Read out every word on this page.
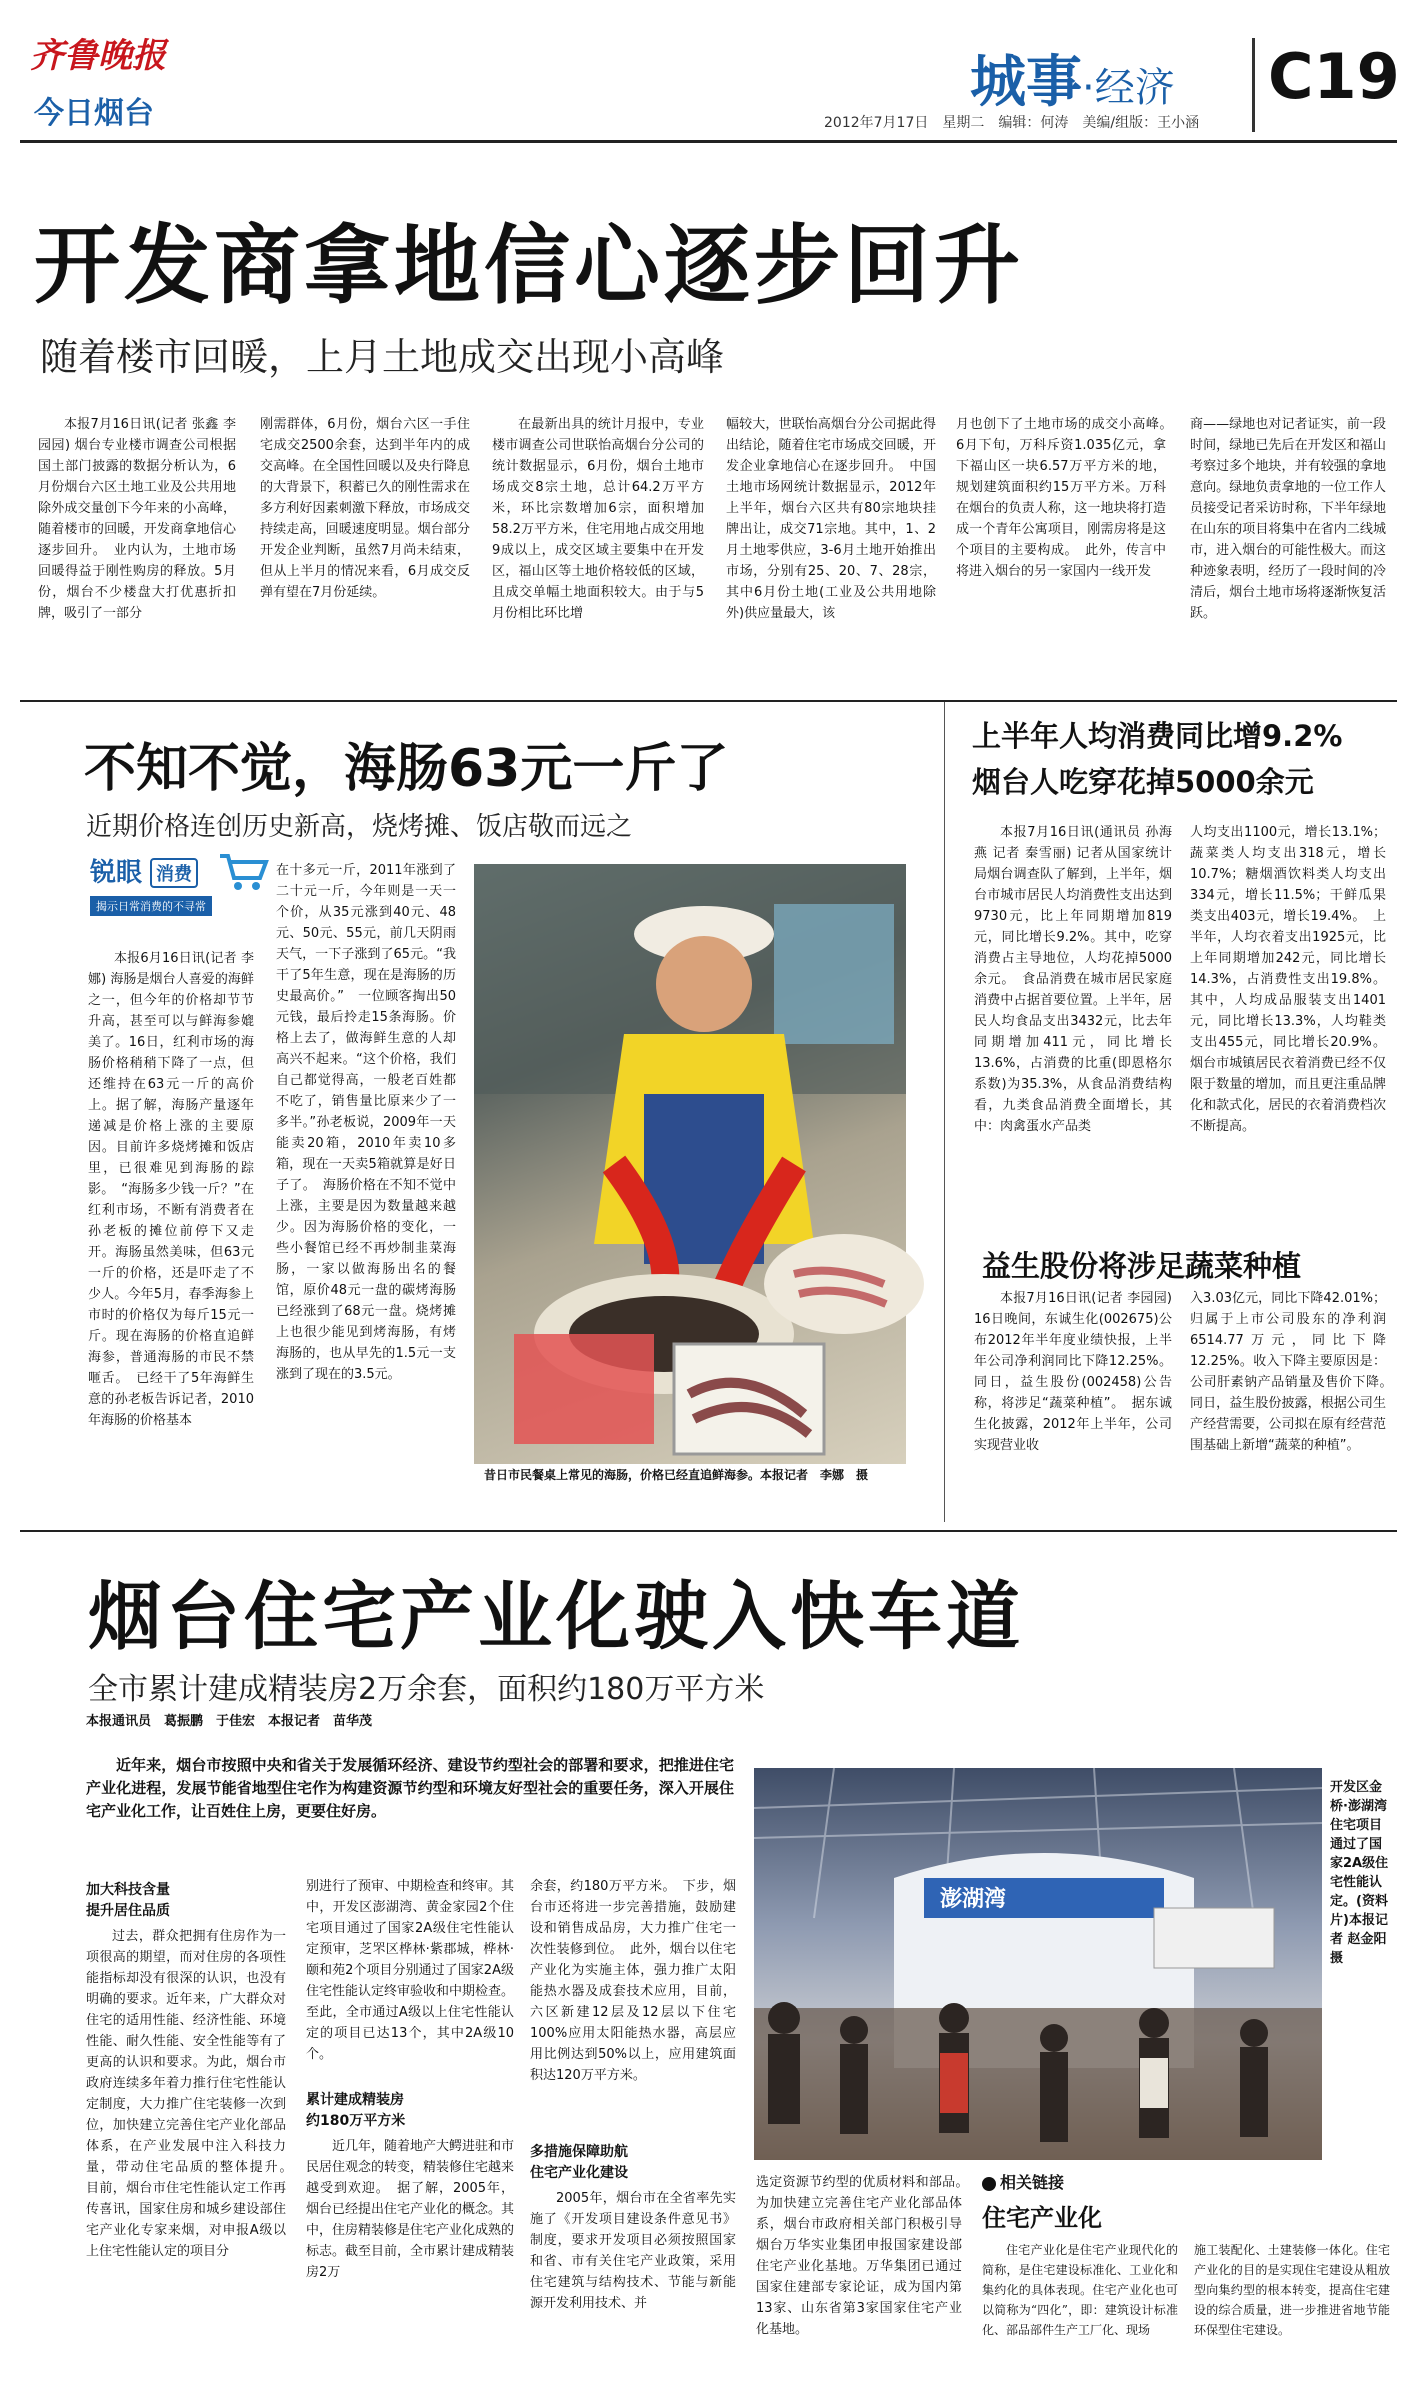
齐鲁晚报
今日烟台	城事·经济 C19
2012年7月17日　星期二　编辑：何涛　美编/组版：王小涵
开发商拿地信心逐步回升
随着楼市回暖，上月土地成交出现小高峰

本报7月16日讯(记者 张鑫 李园园) 烟台专业楼市调查公司根据国土部门披露的数据分析认为，6月份烟台六区土地工业及公共用地除外成交量创下今年来的小高峰，随着楼市的回暖，开发商拿地信心逐步回升。　业内认为，土地市场回暖得益于刚性购房的释放。5月份，烟台不少楼盘大打优惠折扣牌，吸引了一部分

刚需群体，6月份，烟台六区一手住宅成交2500余套，达到半年内的成交高峰。在全国性回暖以及央行降息的大背景下，积蓄已久的刚性需求在多方利好因素刺激下释放，市场成交持续走高，回暖速度明显。烟台部分开发企业判断，虽然7月尚未结束，但从上半月的情况来看，6月成交反弹有望在7月份延续。

在最新出具的统计月报中，专业楼市调查公司世联怡高烟台分公司的统计数据显示，6月份，烟台土地市场成交8宗土地，总计64.2万平方米，环比宗数增加6宗，面积增加58.2万平方米，住宅用地占成交用地9成以上，成交区域主要集中在开发区，福山区等土地价格较低的区域，且成交单幅土地面积较大。由于与5月份相比环比增

幅较大，世联怡高烟台分公司据此得出结论，随着住宅市场成交回暖，开发企业拿地信心在逐步回升。　中国土地市场网统计数据显示，2012年上半年，烟台六区共有80宗地块挂牌出让，成交71宗地。其中，1、2月土地零供应，3-6月土地开始推出市场，分别有25、20、7、28宗，其中6月份土地(工业及公共用地除外)供应量最大，该

月也创下了土地市场的成交小高峰。　6月下旬，万科斥资1.035亿元，拿下福山区一块6.57万平方米的地，规划建筑面积约15万平方米。万科在烟台的负责人称，这一地块将打造成一个青年公寓项目，刚需房将是这个项目的主要构成。　此外，传言中将进入烟台的另一家国内一线开发

商——绿地也对记者证实，前一段时间，绿地已先后在开发区和福山考察过多个地块，并有较强的拿地意向。绿地负责拿地的一位工作人员接受记者采访时称，下半年绿地在山东的项目将集中在省内二线城市，进入烟台的可能性极大。而这种迹象表明，经历了一段时间的冷清后，烟台土地市场将逐渐恢复活跃。

不知不觉，海肠63元一斤了
近期价格连创历史新高，烧烤摊、饭店敬而远之
锐眼 消费
揭示日常消费的不寻常

本报6月16日讯(记者 李娜) 海肠是烟台人喜爱的海鲜之一，但今年的价格却节节升高，甚至可以与鲜海参媲美了。16日，红利市场的海肠价格稍稍下降了一点，但还维持在63元一斤的高价上。据了解，海肠产量逐年递减是价格上涨的主要原因。目前许多烧烤摊和饭店里，已很难见到海肠的踪影。　“海肠多少钱一斤？”在红利市场，不断有消费者在孙老板的摊位前停下又走开。海肠虽然美味，但63元一斤的价格，还是吓走了不少人。今年5月，春季海参上市时的价格仅为每斤15元一斤。现在海肠的价格直追鲜海参，普通海肠的市民不禁咂舌。　已经干了5年海鲜生意的孙老板告诉记者，2010年海肠的价格基本

在十多元一斤，2011年涨到了二十元一斤，今年则是一天一个价，从35元涨到40元、48元、50元、55元，前几天阴雨天气，一下子涨到了65元。“我干了5年生意，现在是海肠的历史最高价。”　一位顾客掏出50元钱，最后拎走15条海肠。价格上去了，做海鲜生意的人却高兴不起来。“这个价格，我们自己都觉得高，一般老百姓都不吃了，销售量比原来少了一多半。”孙老板说，2009年一天能卖20箱，2010年卖10多箱，现在一天卖5箱就算是好日子了。　海肠价格在不知不觉中上涨，主要是因为数量越来越少。因为海肠价格的变化，一些小餐馆已经不再炒制韭菜海肠，一家以做海肠出名的餐馆，原价48元一盘的碳烤海肠已经涨到了68元一盘。烧烤摊上也很少能见到烤海肠，有烤海肠的，也从早先的1.5元一支涨到了现在的3.5元。

昔日市民餐桌上常见的海肠，价格已经直追鲜海参。本报记者　李娜　摄
上半年人均消费同比增9.2%
烟台人吃穿花掉5000余元

本报7月16日讯(通讯员 孙海燕 记者 秦雪丽) 记者从国家统计局烟台调查队了解到，上半年，烟台市城市居民人均消费性支出达到9730元，比上年同期增加819元，同比增长9.2%。其中，吃穿消费占主导地位，人均花掉5000余元。　食品消费在城市居民家庭消费中占据首要位置。上半年，居民人均食品支出3432元，比去年同期增加411元，同比增长13.6%，占消费的比重(即恩格尔系数)为35.3%，从食品消费结构看，九类食品消费全面增长，其中：肉禽蛋水产品类

人均支出1100元，增长13.1%；蔬菜类人均支出318元，增长10.7%；糖烟酒饮料类人均支出334元，增长11.5%；干鲜瓜果类支出403元，增长19.4%。　上半年，人均衣着支出1925元，比上年同期增加242元，同比增长14.3%，占消费性支出19.8%。其中，人均成品服装支出1401元，同比增长13.3%，人均鞋类支出455元，同比增长20.9%。烟台市城镇居民衣着消费已经不仅限于数量的增加，而且更注重品牌化和款式化，居民的衣着消费档次不断提高。

益生股份将涉足蔬菜种植

本报7月16日讯(记者 李园园) 16日晚间，东诚生化(002675)公布2012年半年度业绩快报，上半年公司净利润同比下降12.25%。同日，益生股份(002458)公告称，将涉足“蔬菜种植”。　据东诚生化披露，2012年上半年，公司实现营业收

入3.03亿元，同比下降42.01%；归属于上市公司股东的净利润6514.77万元，同比下降12.25%。收入下降主要原因是：公司肝素钠产品销量及售价下降。　同日，益生股份披露，根据公司生产经营需要，公司拟在原有经营范围基础上新增“蔬菜的种植”。

烟台住宅产业化驶入快车道
全市累计建成精装房2万余套，面积约180万平方米
本报通讯员　葛振鹏　于佳宏　本报记者　苗华茂

近年来，烟台市按照中央和省关于发展循环经济、建设节约型社会的部署和要求，把推进住宅产业化进程，发展节能省地型住宅作为构建资源节约型和环境友好型社会的重要任务，深入开展住宅产业化工作，让百姓住上房，更要住好房。

加大科技含量
提升居住品质

过去，群众把拥有住房作为一项很高的期望，而对住房的各项性能指标却没有很深的认识，也没有明确的要求。近年来，广大群众对住宅的适用性能、经济性能、环境性能、耐久性能、安全性能等有了更高的认识和要求。为此，烟台市政府连续多年着力推行住宅性能认定制度，大力推广住宅装修一次到位，加快建立完善住宅产业化部品体系，在产业发展中注入科技力量，带动住宅品质的整体提升。　目前，烟台市住宅性能认定工作再传喜讯，国家住房和城乡建设部住宅产业化专家来烟，对申报A级以上住宅性能认定的项目分

别进行了预审、中期检查和终审。其中，开发区澎湖湾、黄金家园2个住宅项目通过了国家2A级住宅性能认定预审，芝罘区桦林·紫郡城，桦林·颐和苑2个项目分别通过了国家2A级住宅性能认定终审验收和中期检查。至此，全市通过A级以上住宅性能认定的项目已达13个，其中2A级10个。

累计建成精装房
约180万平方米

近几年，随着地产大鳄进驻和市民居住观念的转变，精装修住宅越来越受到欢迎。　据了解，2005年，烟台已经提出住宅产业化的概念。其中，住房精装修是住宅产业化成熟的标志。截至目前，全市累计建成精装房2万

余套，约180万平方米。　下步，烟台市还将进一步完善措施，鼓励建设和销售成品房，大力推广住宅一次性装修到位。　此外，烟台以住宅产业化为实施主体，强力推广太阳能热水器及成套技术应用，目前，六区新建12层及12层以下住宅100%应用太阳能热水器，高层应用比例达到50%以上，应用建筑面积达120万平方米。

多措施保障助航
住宅产业化建设

2005年，烟台市在全省率先实施了《开发项目建设条件意见书》制度，要求开发项目必须按照国家和省、市有关住宅产业政策，采用住宅建筑与结构技术、节能与新能源开发利用技术、并

澎湖湾
开发区金桥·澎湖湾住宅项目通过了国家2A级住宅性能认定。(资料片)本报记者 赵金阳 摄

选定资源节约型的优质材料和部品。　为加快建立完善住宅产业化部品体系，烟台市政府相关部门积极引导烟台万华实业集团申报国家建设部住宅产业化基地。万华集团已通过国家住建部专家论证，成为国内第13家、山东省第3家国家住宅产业化基地。

相关链接
住宅产业化

住宅产业化是住宅产业现代化的简称，是住宅建设标准化、工业化和集约化的具体表现。住宅产业化也可以简称为“四化”，即：建筑设计标准化、部品部件生产工厂化、现场

施工装配化、土建装修一体化。住宅产业化的目的是实现住宅建设从粗放型向集约型的根本转变，提高住宅建设的综合质量，进一步推进省地节能环保型住宅建设。
